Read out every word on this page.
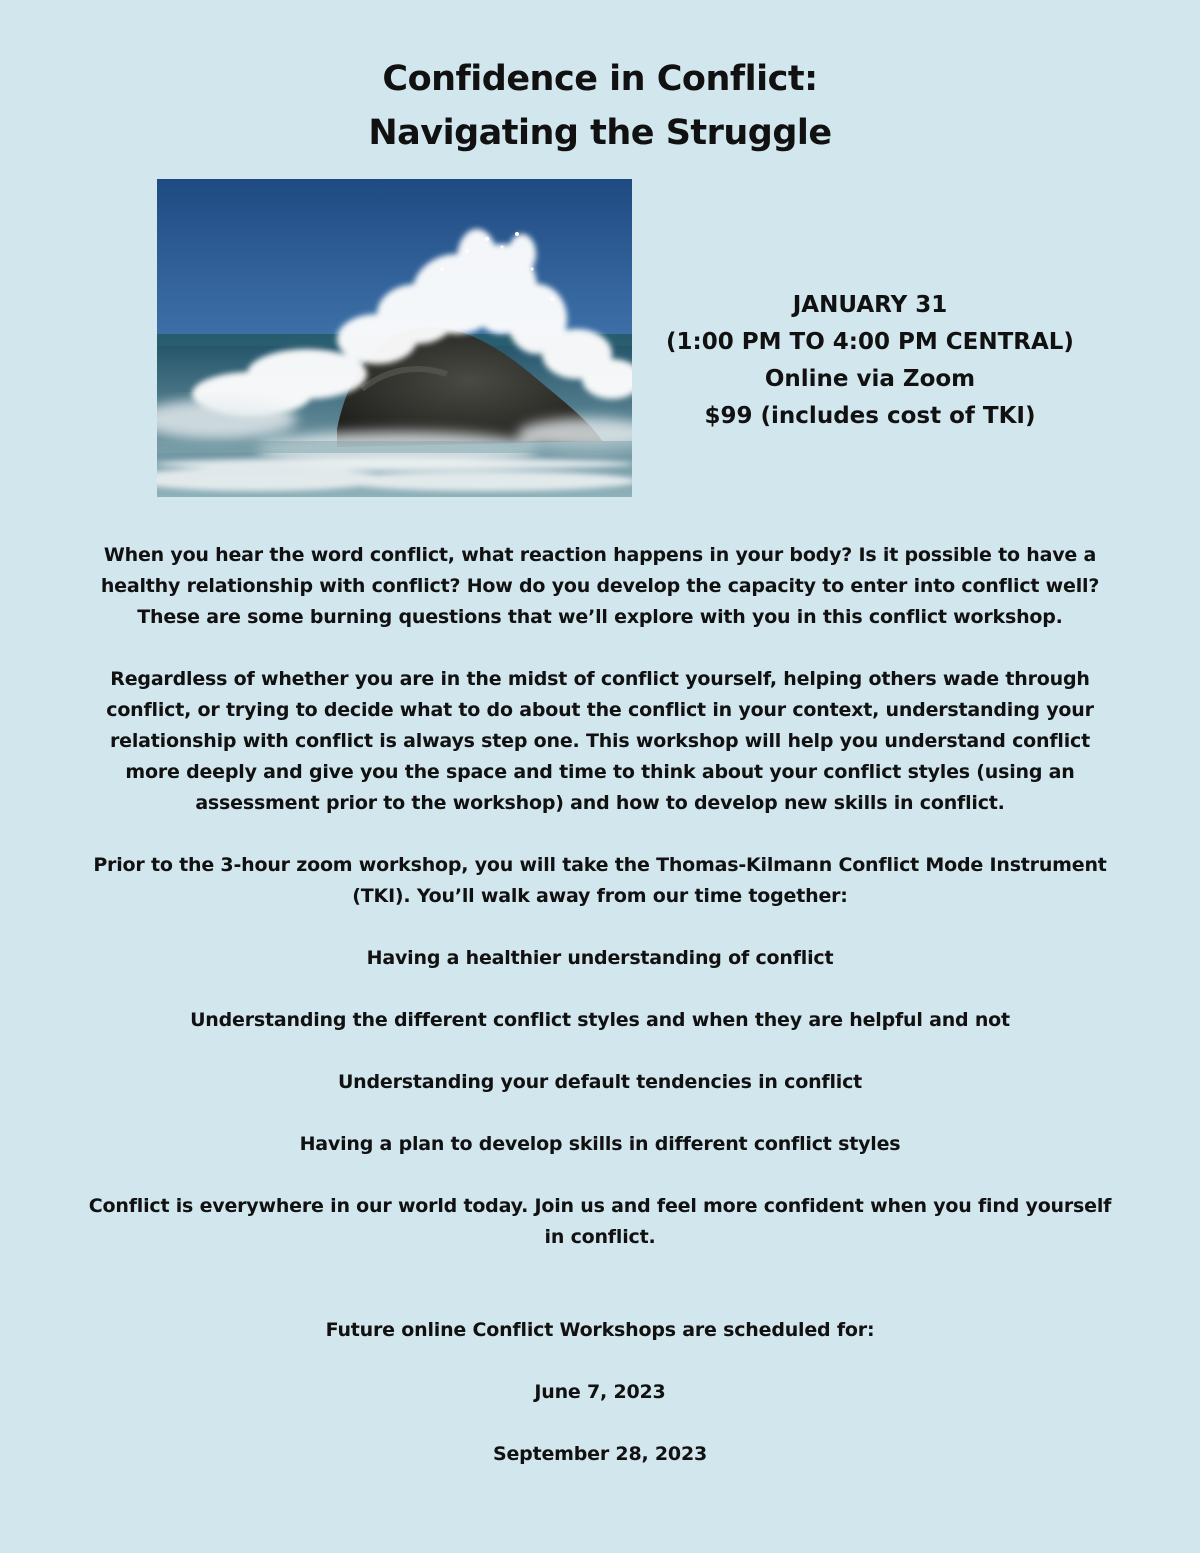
Confidence in Conflict:
Navigating the Struggle
JANUARY 31
(1:00 PM TO 4:00 PM CENTRAL)
Online via Zoom
$99 (includes cost of TKI)

When you hear the word conflict, what reaction happens in your body? Is it possible to have a healthy relationship with conflict? How do you develop the capacity to enter into conflict well? These are some burning questions that we’ll explore with you in this conflict workshop.

Regardless of whether you are in the midst of conflict yourself, helping others wade through conflict, or trying to decide what to do about the conflict in your context, understanding your relationship with conflict is always step one. This workshop will help you understand conflict more deeply and give you the space and time to think about your conflict styles (using an assessment prior to the workshop) and how to develop new skills in conflict.

Prior to the 3-hour zoom workshop, you will take the Thomas-Kilmann Conflict Mode Instrument (TKI). You’ll walk away from our time together:

Having a healthier understanding of conflict

Understanding the different conflict styles and when they are helpful and not

Understanding your default tendencies in conflict

Having a plan to develop skills in different conflict styles

Conflict is everywhere in our world today. Join us and feel more confident when you find yourself in conflict.

Future online Conflict Workshops are scheduled for:

June 7, 2023

September 28, 2023
